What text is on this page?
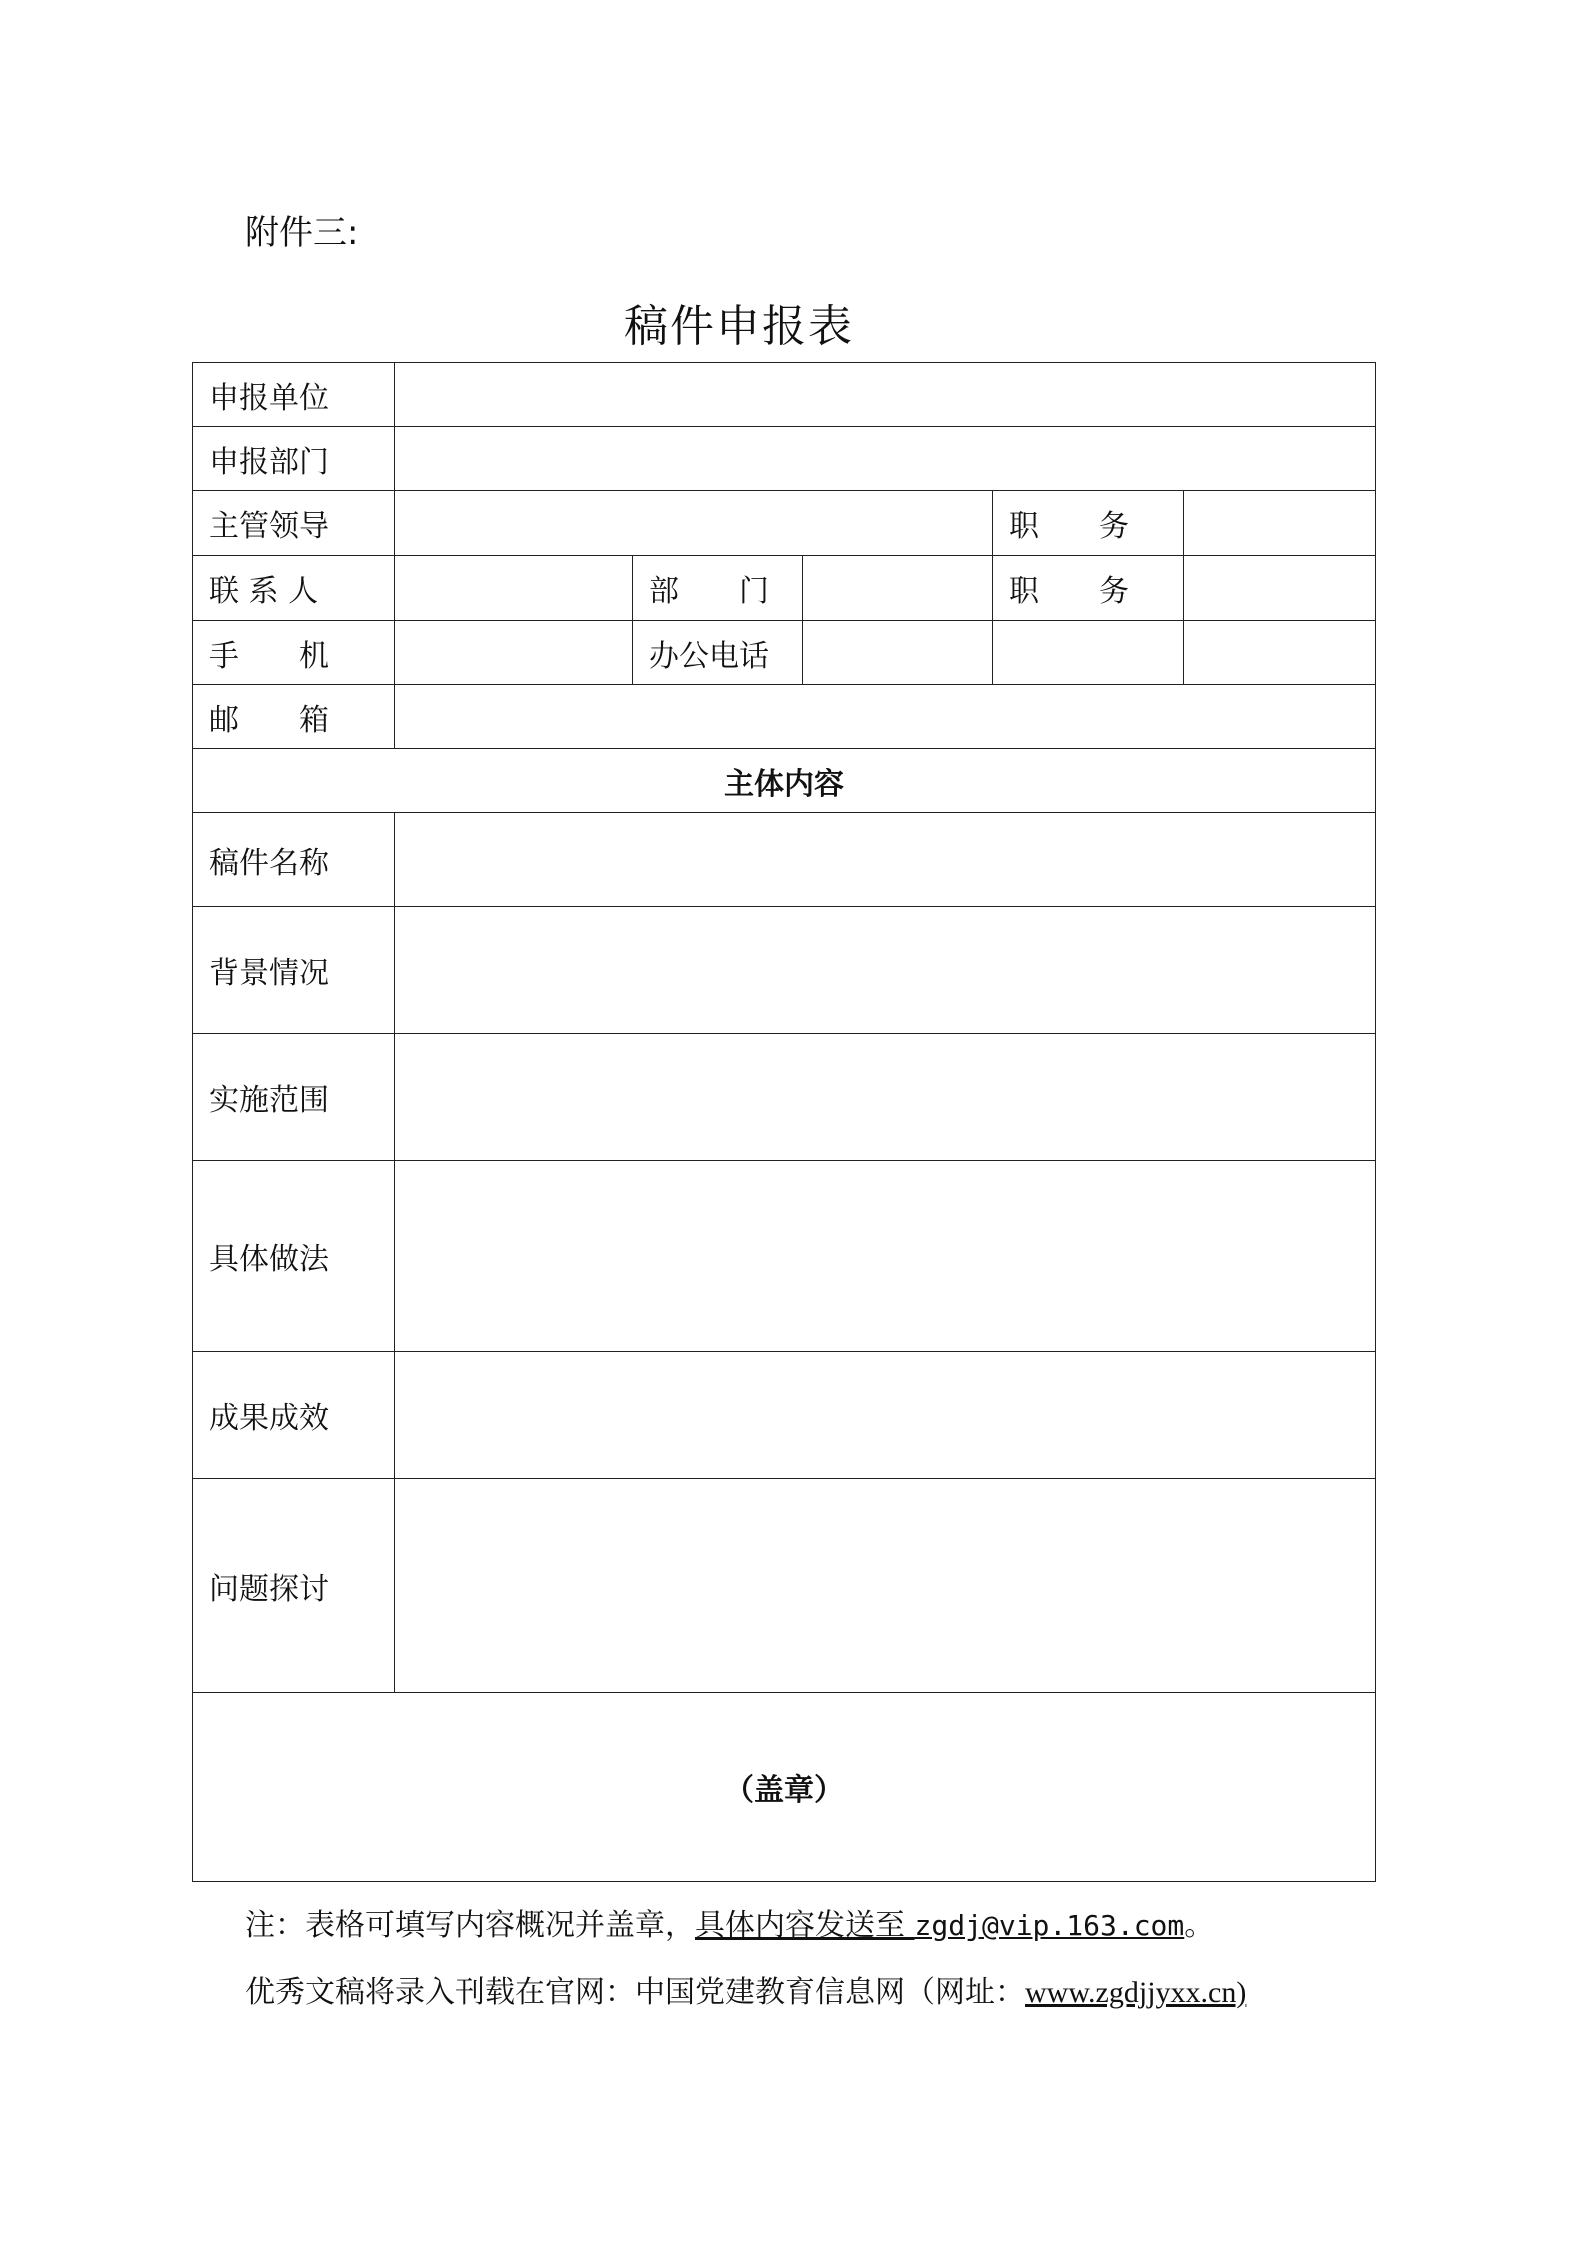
附件三:
稿件申报表
申报单位					
申报部门					
主管领导				职　　务	
联 系 人		部　　门		职　　务	
手　　机		办公电话			
邮　　箱					
主体内容					
稿件名称					
背景情况					
实施范围					
具体做法					
成果成效					
问题探讨					
（盖章）					
注：表格可填写内容概况并盖章，具体内容发送至 zgdj@vip.163.com。
优秀文稿将录入刊载在官网：中国党建教育信息网（网址：www.zgdjjyxx.cn)
